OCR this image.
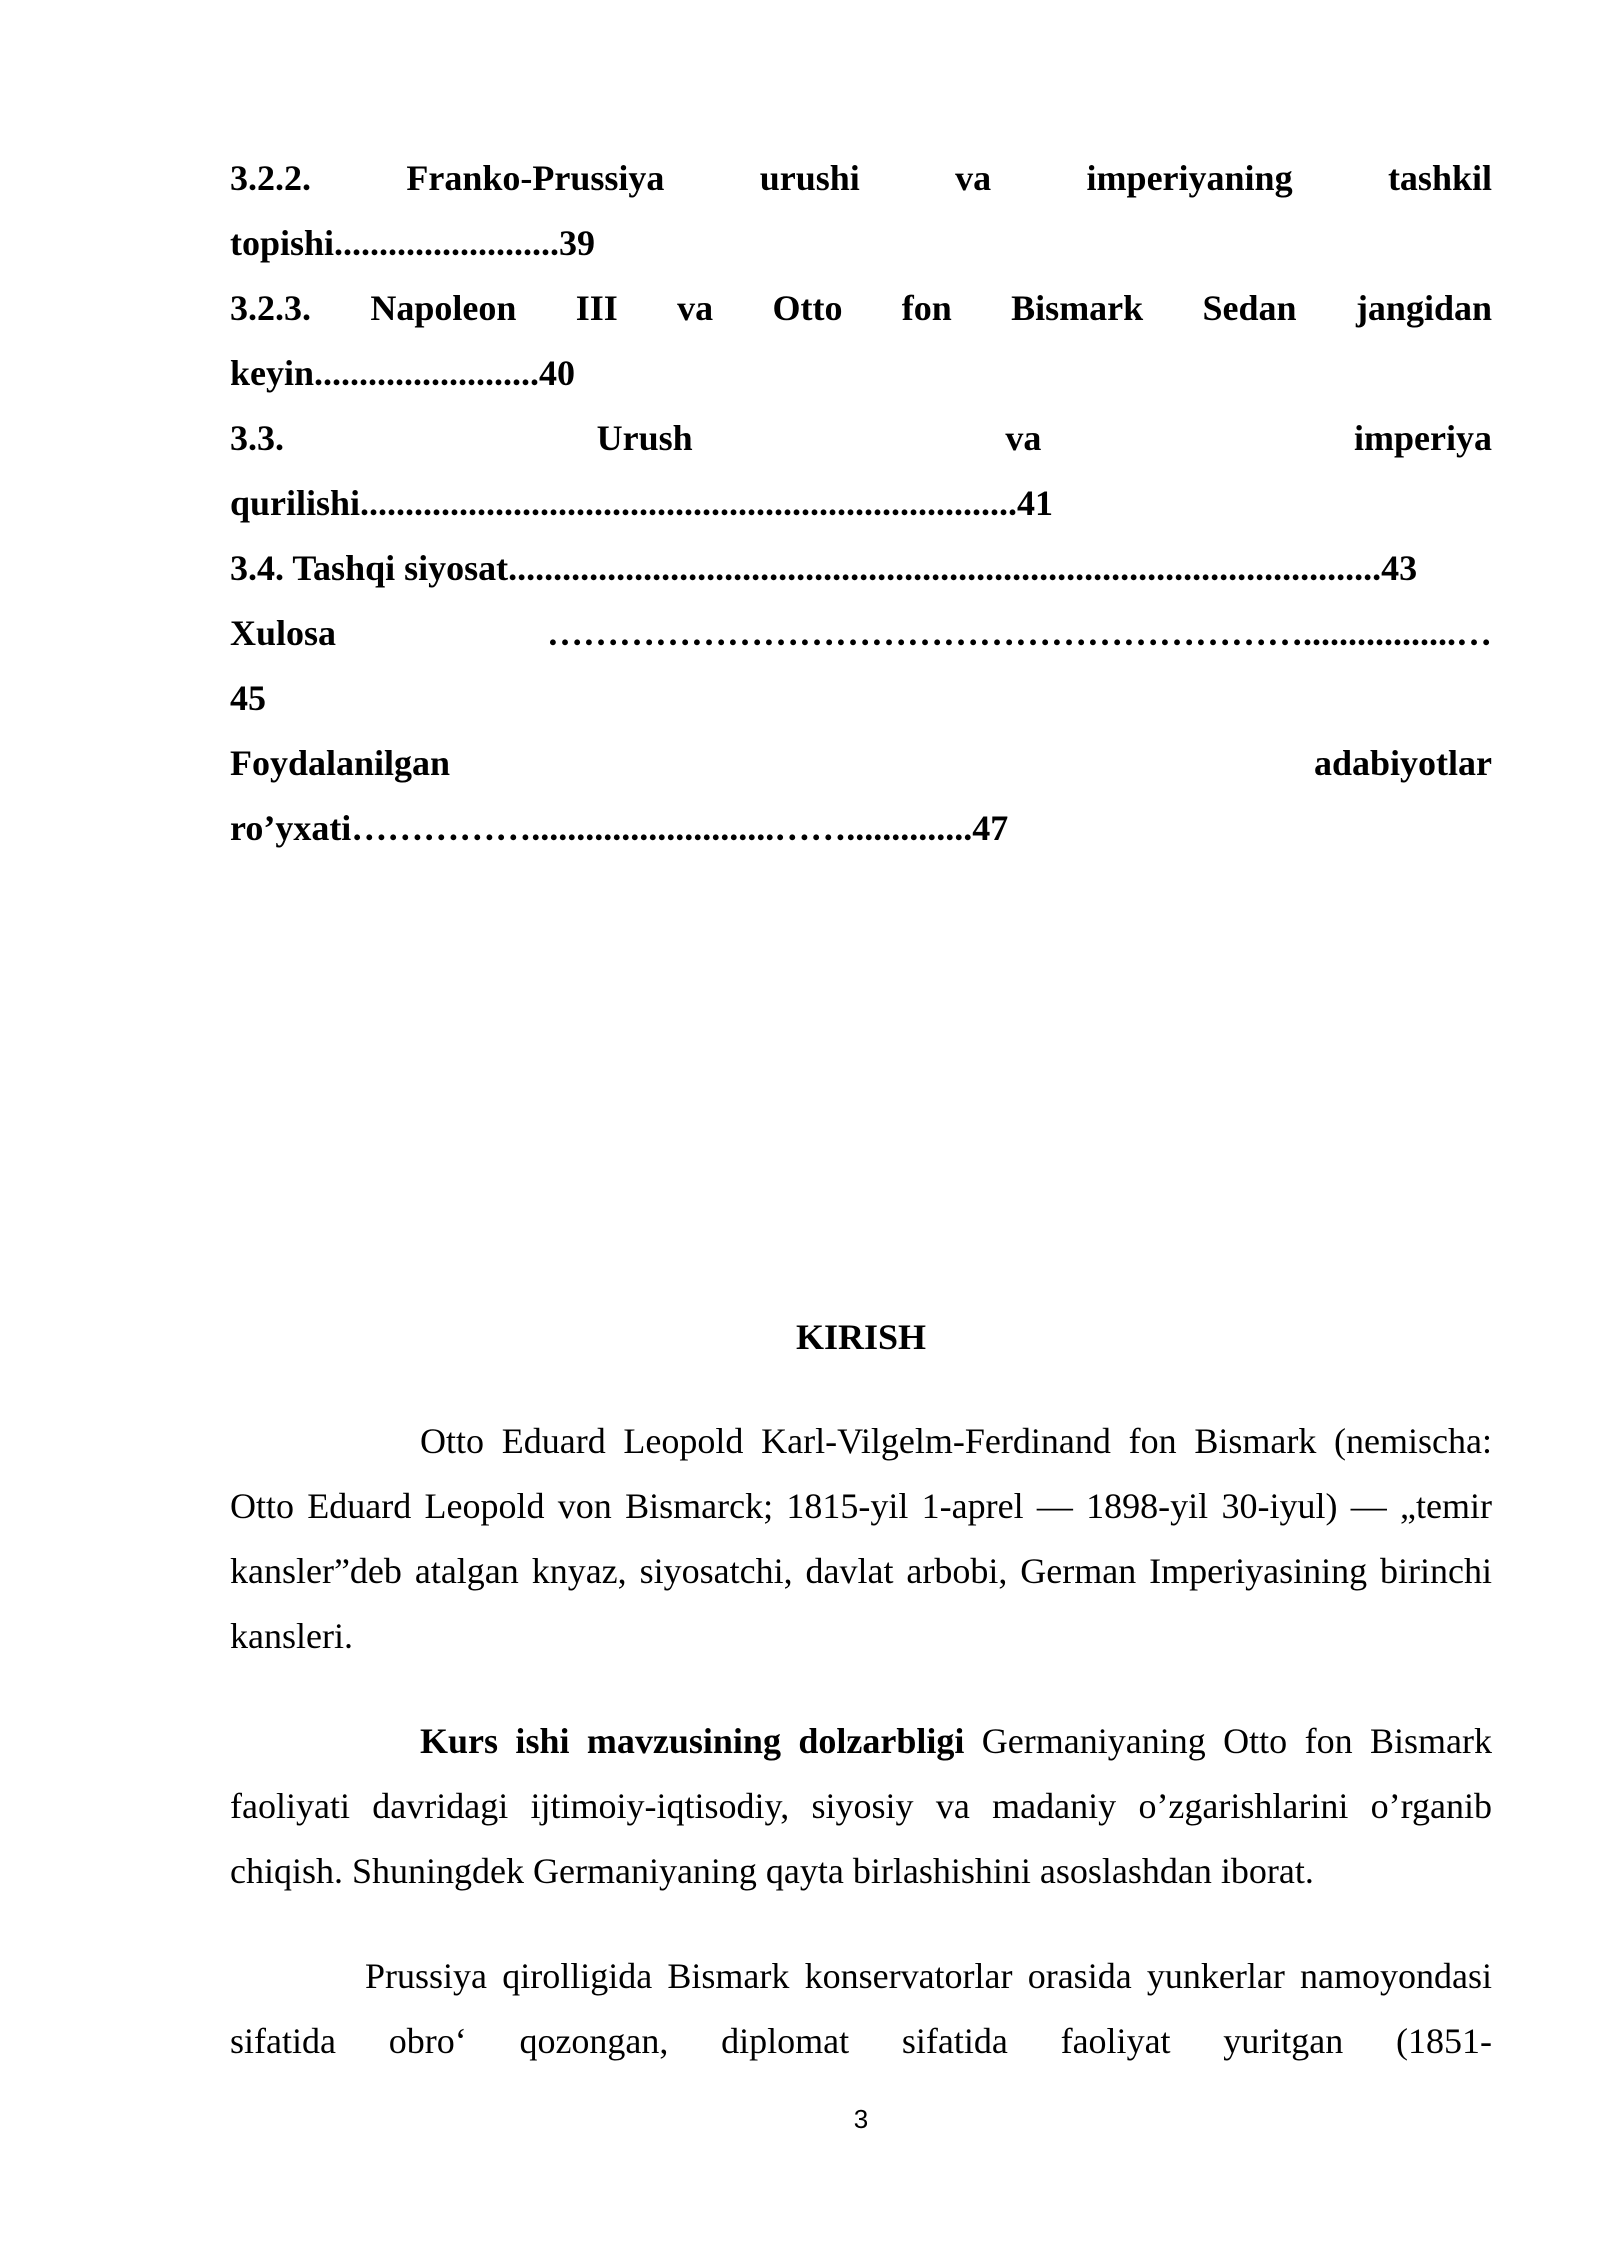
3.2.2. Franko-Prussiya urushi va imperiyaning tashkil
topishi.........................39
3.2.3. Napoleon III va Otto fon Bismark Sedan jangidan
keyin.........................40
3.3. Urush va imperiya
qurilishi.........................................................................41
3.4. Tashqi siyosat.................................................................................................43
Xulosa ……………………………………………………….................…
45
Foydalanilgan adabiyotlar
ro’yxati……………...........................……..............47
KIRISH

Otto Eduard Leopold Karl-Vilgelm-Ferdinand fon Bismark (nemischa: Otto Eduard Leopold von Bismarck; 1815-yil 1-aprel — 1898-yil 30-iyul) — „temir kansler”deb atalgan knyaz, siyosatchi, davlat arbobi, German Imperiyasining birinchi kansleri.

Kurs ishi mavzusining dolzarbligi Germaniyaning Otto fon Bismark faoliyati davridagi ijtimoiy-iqtisodiy, siyosiy va madaniy o’zgarishlarini o’rganib chiqish. Shuningdek Germaniyaning qayta birlashishini asoslashdan iborat.

Prussiya qirolligida Bismark konservatorlar orasida yunkerlar namoyondasi sifatida obro‘ qozongan, diplomat sifatida faoliyat yuritgan (1851-

3
